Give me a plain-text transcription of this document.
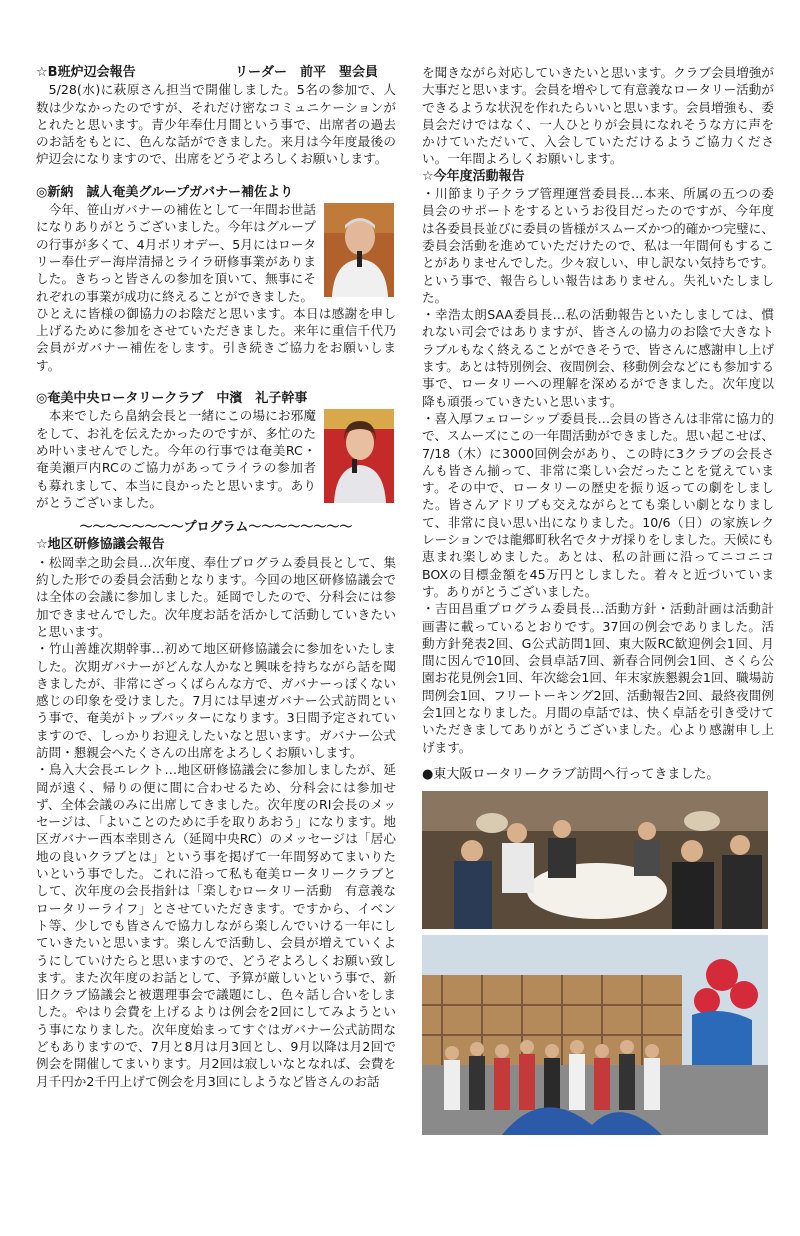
☆B班炉辺会報告	リーダー　前平　聖会員

5/28(水)に萩原さん担当で開催しました。5名の参加で、人数は少なかったのですが、それだけ密なコミュニケーションがとれたと思います。青少年奉仕月間という事で、出席者の過去のお話をもとに、色んな話ができました。来月は今年度最後の炉辺会になりますので、出席をどうぞよろしくお願いします。

◎新納　誠人奄美グループガバナー補佐より

今年、笹山ガバナーの補佐として一年間お世話になりありがとうございました。今年はグループの行事が多くて、4月ボリオデー、5月にはロータリー奉仕デー海岸清掃とライラ研修事業がありました。きちっと皆さんの参加を頂いて、無事にそれぞれの事業が成功に終えることができました。

ひとえに皆様の御協力のお陰だと思います。本日は感謝を申し上げるために参加をさせていただきました。来年に重信千代乃会員がガバナー補佐をします。引き続きご協力をお願いします。

◎奄美中央ロータリークラブ　中濱　礼子幹事

本来でしたら畠納会長と一緒にこの場にお邪魔をして、お礼を伝えたかったのですが、多忙のため叶いませんでした。今年の行事では奄美RC・奄美瀬戸内RCのご協力があってライラの参加者も募れまして、本当に良かったと思います。ありがとうございました。

〜〜〜〜〜〜〜〜プログラム〜〜〜〜〜〜〜〜

☆地区研修協議会報告

・松岡幸之助会員…次年度、奉仕プログラム委員長として、集約した形での委員会活動となります。今回の地区研修協議会では全体の会議に参加しました。延岡でしたので、分科会には参加できませんでした。次年度お話を活かして活動していきたいと思います。

・竹山善雄次期幹事…初めて地区研修協議会に参加をいたしました。次期ガバナーがどんな人かなと興味を持ちながら話を聞きましたが、非常にざっくばらんな方で、ガバナーっぽくない感じの印象を受けました。7月には早速ガバナー公式訪問という事で、奄美がトップバッターになります。3日間予定されていますので、しっかりお迎えしたいなと思います。ガバナー公式訪問・懇親会へたくさんの出席をよろしくお願いします。

・鳥入大会長エレクト…地区研修協議会に参加しましたが、延岡が遠く、帰りの便に間に合わせるため、分科会には参加せず、全体会議のみに出席してきました。次年度のRI会長のメッセージは、「よいことのために手を取りあおう」になります。地区ガバナー西本幸則さん（延岡中央RC）のメッセージは「居心地の良いクラブとは」という事を掲げて一年間努めてまいりたいという事でした。これに沿って私も奄美ロータリークラブとして、次年度の会長指針は「楽しむロータリー活動　有意義なロータリーライフ」とさせていただきます。ですから、イベント等、少しでも皆さんで協力しながら楽しんでいける一年にしていきたいと思います。楽しんで活動し、会員が増えていくようにしていけたらと思いますので、どうぞよろしくお願い致します。また次年度のお話として、予算が厳しいという事で、新旧クラブ協議会と被選理事会で議題にし、色々話し合いをしました。やはり会費を上げるよりは例会を2回にしてみようという事になりました。次年度始まってすぐはガバナー公式訪問などもありますので、7月と8月は月3回とし、9月以降は月2回で例会を開催してまいります。月2回は寂しいなとなれば、会費を月千円か2千円上げて例会を月3回にしようなど皆さんのお話

を聞きながら対応していきたいと思います。クラブ会員増強が大事だと思います。会員を増やして有意義なロータリー活動ができるような状況を作れたらいいと思います。会員増強も、委員会だけではなく、一人ひとりが会員になれそうな方に声をかけていただいて、入会していただけるようご協力ください。一年間よろしくお願いします。

☆今年度活動報告

・川節まり子クラブ管理運営委員長…本来、所属の五つの委員会のサポートをするというお役目だったのですが、今年度は各委員長並びに委員の皆様がスムーズかつ的確かつ完璧に、委員会活動を進めていただけたので、私は一年間何もすることがありませんでした。少々寂しい、申し訳ない気持ちです。という事で、報告らしい報告はありません。失礼いたしました。

・幸浩太朗SAA委員長…私の活動報告といたしましては、慣れない司会ではありますが、皆さんの協力のお陰で大きなトラブルもなく終えることができそうで、皆さんに感謝申し上げます。あとは特別例会、夜間例会、移動例会などにも参加する事で、ロータリーへの理解を深めるができました。次年度以降も頑張っていきたいと思います。

・喜入厚フェローシップ委員長…会員の皆さんは非常に協力的で、スムーズにこの一年間活動ができました。思い起こせば、7/18（木）に3000回例会があり、この時に3クラブの会長さんも皆さん揃って、非常に楽しい会だったことを覚えています。その中で、ロータリーの歴史を振り返っての劇をしました。皆さんアドリブも交えながらとても楽しい劇となりまして、非常に良い思い出になりました。10/6（日）の家族レクレーションでは龍郷町秋名でタナガ採りをしました。天候にも恵まれ楽しめました。あとは、私の計画に沿ってニコニコBOXの目標金額を45万円としました。着々と近づいています。ありがとうございました。

・吉田昌重プログラム委員長…活動方針・活動計画は活動計画書に載っているとおりです。37回の例会でありました。活動方針発表2回、G公式訪問1回、東大阪RC歓迎例会1回、月間に因んで10回、会員卓話7回、新春合同例会1回、さくら公園お花見例会1回、年次総会1回、年末家族懇親会1回、職場訪問例会1回、フリートーキング2回、活動報告2回、最終夜間例会1回となりました。月間の卓話では、快く卓話を引き受けていただきましてありがとうございました。心より感謝申し上げます。

●東大阪ロータリークラブ訪問へ行ってきました。
